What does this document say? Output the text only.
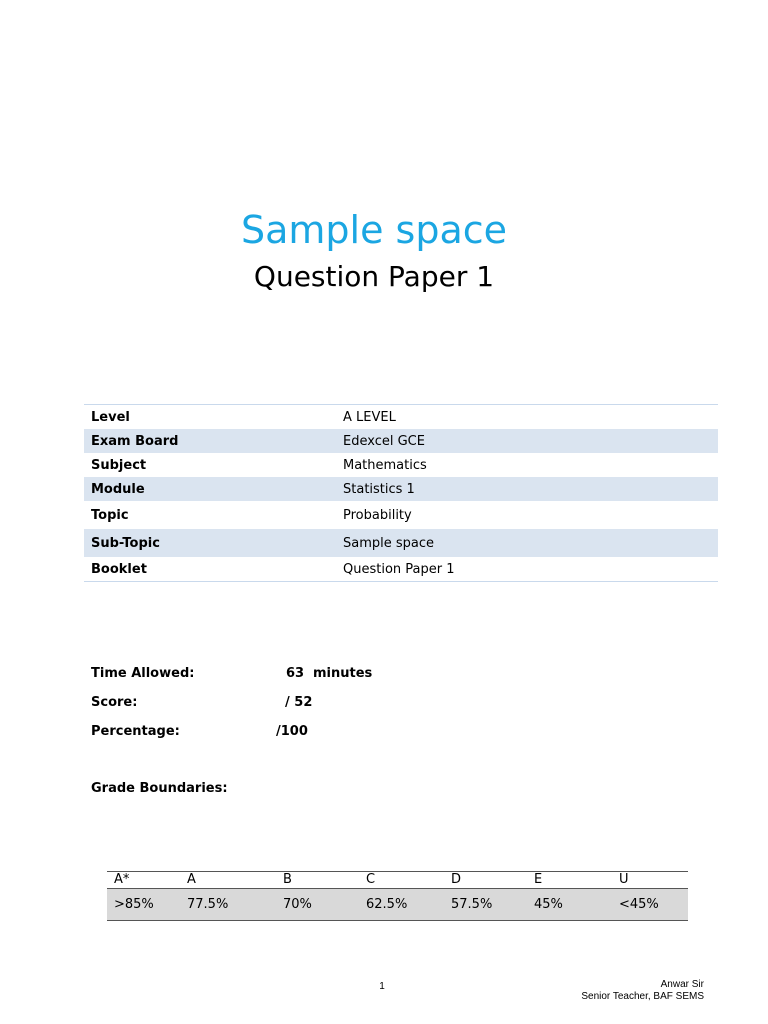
Sample space
Question Paper 1
Level	A LEVEL
Exam Board	Edexcel GCE
Subject	Mathematics
Module	Statistics 1
Topic	Probability
Sub-Topic	Sample space
Booklet	Question Paper 1
Time Allowed:	63 minutes
Score:	/ 52
Percentage:	/100
Grade Boundaries:
A*	A	B	C	D	E	U
>85%	77.5%	70%	62.5%	57.5%	45%	<45%
1	Anwar Sir
Senior Teacher, BAF SEMS
